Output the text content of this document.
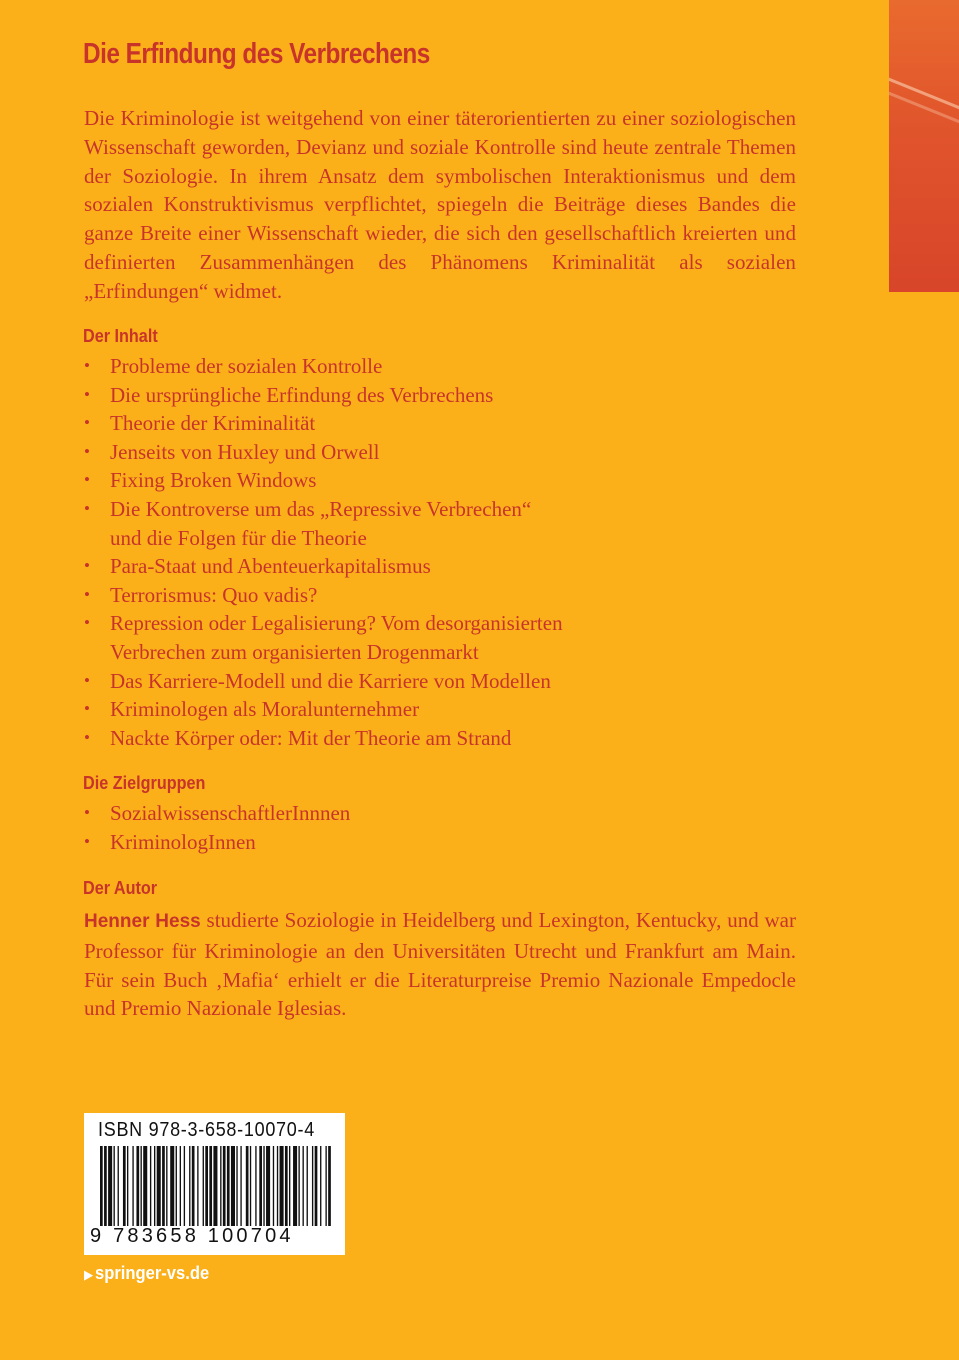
Die Erfindung des Verbrechens
Die Kriminologie ist weitgehend von einer täterorientierten zu einer soziologischen Wissenschaft geworden, Devianz und soziale Kontrolle sind heute zentrale Themen der Soziologie. In ihrem Ansatz dem symbolischen Interaktionismus und dem sozialen Konstruktivismus verpflichtet, spiegeln die Beiträge dieses Bandes die ganze Breite einer Wissenschaft wieder, die sich den gesellschaftlich kreierten und definierten Zusammenhängen des Phänomens Kriminalität als sozialen „Erfindungen“ widmet.
Der Inhalt
• Probleme der sozialen Kontrolle
• Die ursprüngliche Erfindung des Verbrechens
• Theorie der Kriminalität
• Jenseits von Huxley und Orwell
• Fixing Broken Windows
• Die Kontroverse um das „Repressive Verbrechen“
und die Folgen für die Theorie
• Para-Staat und Abenteuerkapitalismus
• Terrorismus: Quo vadis?
• Repression oder Legalisierung? Vom desorganisierten
Verbrechen zum organisierten Drogenmarkt
• Das Karriere-Modell und die Karriere von Modellen
• Kriminologen als Moralunternehmer
• Nackte Körper oder: Mit der Theorie am Strand
Die Zielgruppen
• SozialwissenschaftlerInnnen
• KriminologInnen
Der Autor
Henner Hess studierte Soziologie in Heidelberg und Lexington, Kentucky, und war Professor für Kriminologie an den Universitäten Utrecht und Frankfurt am Main. Für sein Buch ‚Mafia‘ erhielt er die Literaturpreise Premio Nazionale Empedocle und Premio Nazionale Iglesias.
ISBN 978-3-658-10070-4
9 783658 100704
▶ springer-vs.de
